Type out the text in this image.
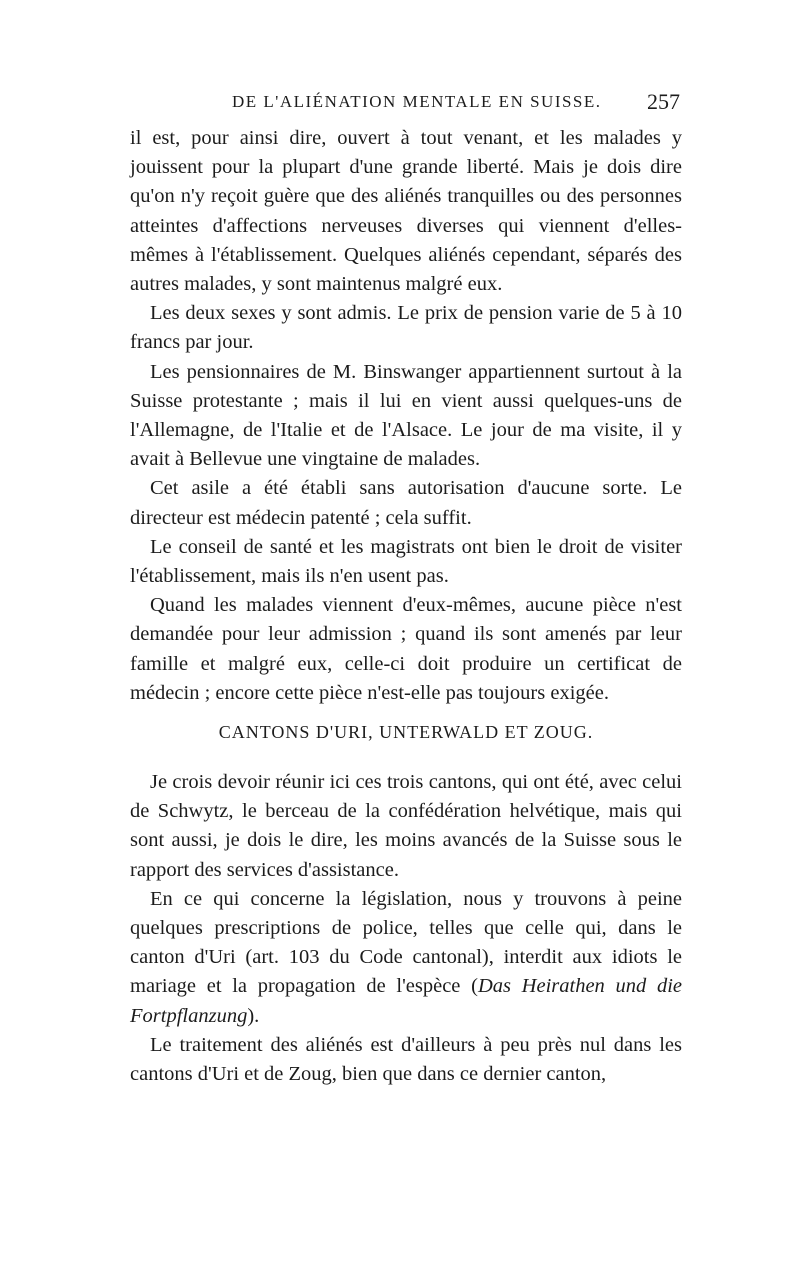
DE L'ALIÉNATION MENTALE EN SUISSE. 257

il est, pour ainsi dire, ouvert à tout venant, et les malades y jouissent pour la plupart d'une grande liberté. Mais je dois dire qu'on n'y reçoit guère que des aliénés tranquilles ou des personnes atteintes d'affections nerveuses diverses qui viennent d'elles-mêmes à l'établissement. Quelques aliénés cependant, séparés des autres malades, y sont maintenus malgré eux.

Les deux sexes y sont admis. Le prix de pension varie de 5 à 10 francs par jour.

Les pensionnaires de M. Binswanger appartiennent surtout à la Suisse protestante ; mais il lui en vient aussi quelques-uns de l'Allemagne, de l'Italie et de l'Alsace. Le jour de ma visite, il y avait à Bellevue une vingtaine de malades.

Cet asile a été établi sans autorisation d'aucune sorte. Le directeur est médecin patenté ; cela suffit.

Le conseil de santé et les magistrats ont bien le droit de visiter l'établissement, mais ils n'en usent pas.

Quand les malades viennent d'eux-mêmes, aucune pièce n'est demandée pour leur admission ; quand ils sont amenés par leur famille et malgré eux, celle-ci doit produire un certificat de médecin ; encore cette pièce n'est-elle pas toujours exigée.

CANTONS D'URI, UNTERWALD ET ZOUG.

Je crois devoir réunir ici ces trois cantons, qui ont été, avec celui de Schwytz, le berceau de la confédération helvétique, mais qui sont aussi, je dois le dire, les moins avancés de la Suisse sous le rapport des services d'assistance.

En ce qui concerne la législation, nous y trouvons à peine quelques prescriptions de police, telles que celle qui, dans le canton d'Uri (art. 103 du Code cantonal), interdit aux idiots le mariage et la propagation de l'espèce (Das Heirathen und die Fortpflanzung).

Le traitement des aliénés est d'ailleurs à peu près nul dans les cantons d'Uri et de Zoug, bien que dans ce dernier canton,
